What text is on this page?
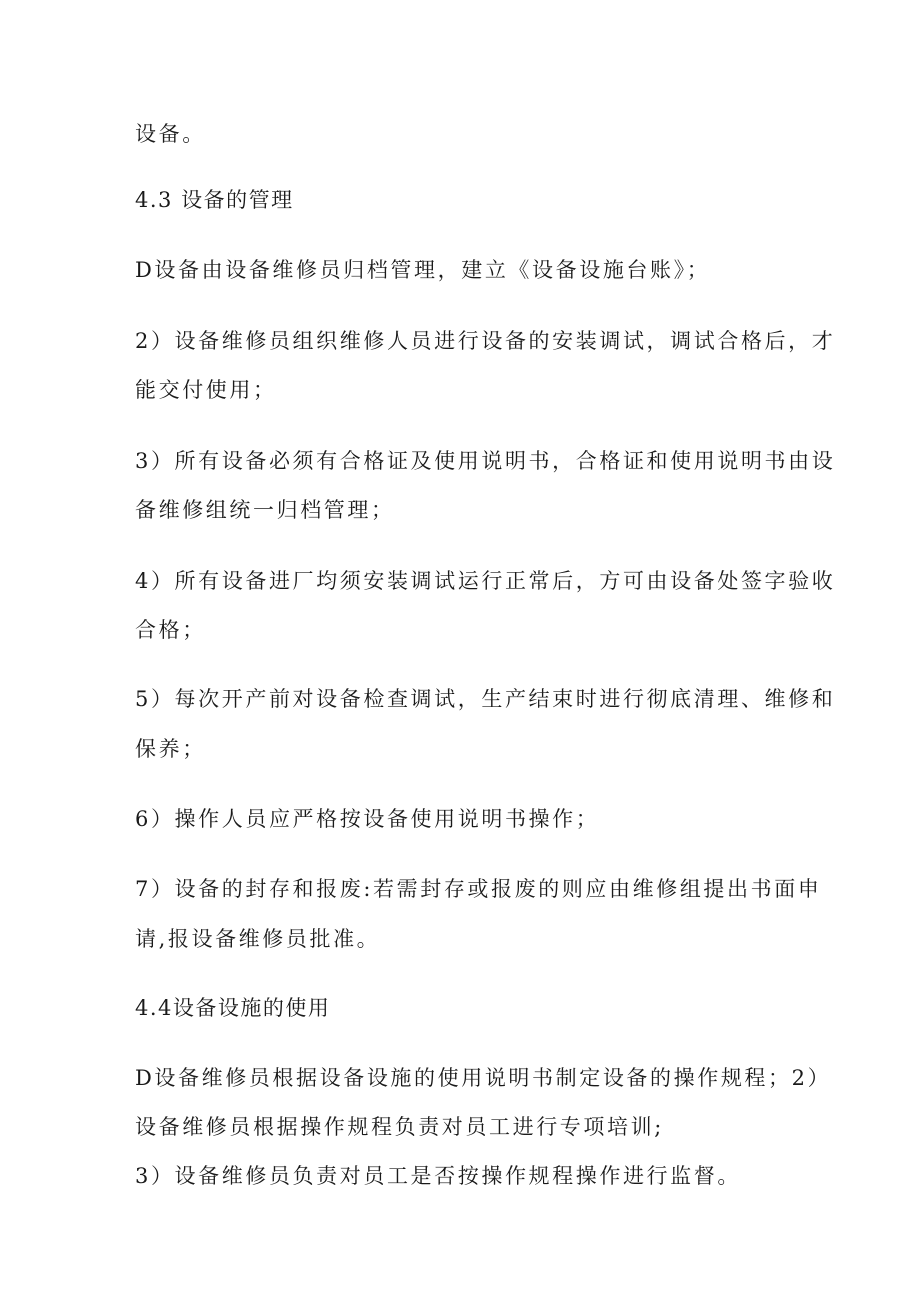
设备。
4.3 设备的管理
D设备由设备维修员归档管理，建立《设备设施台账》；
2）设备维修员组织维修人员进行设备的安装调试，调试合格后，才
能交付使用；
3）所有设备必须有合格证及使用说明书，合格证和使用说明书由设
备维修组统一归档管理；
4）所有设备进厂均须安装调试运行正常后，方可由设备处签字验收
合格；
5）每次开产前对设备检查调试，生产结束时进行彻底清理、维修和
保养；
6）操作人员应严格按设备使用说明书操作；
7）设备的封存和报废:若需封存或报废的则应由维修组提出书面申
请,报设备维修员批准。
4.4设备设施的使用
D设备维修员根据设备设施的使用说明书制定设备的操作规程；2）
设备维修员根据操作规程负责对员工进行专项培训;
3）设备维修员负责对员工是否按操作规程操作进行监督。
